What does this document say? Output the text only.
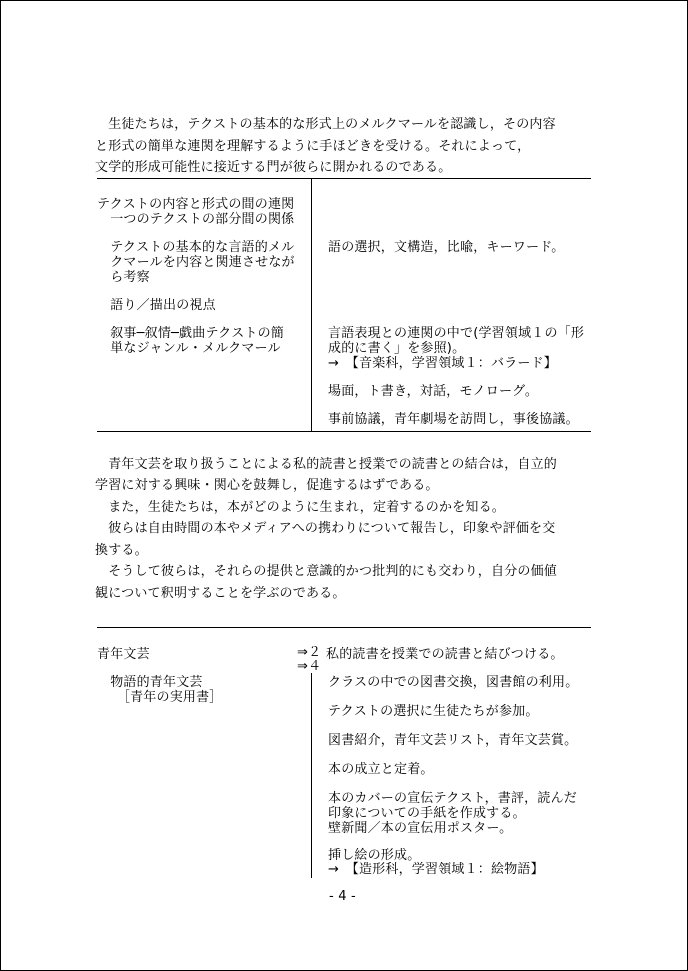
　生徒たちは，テクストの基本的な形式上のメルクマールを認識し，その内容
と形式の簡単な連関を理解するように手ほどきを受ける。それによって，
文学的形成可能性に接近する門が彼らに開かれるのである。
テクストの内容と形式の間の連関
　一つのテクストの部分間の関係
　テクストの基本的な言語的メル
　クマールを内容と関連させなが
　ら考察
　語り／描出の視点
　叙事─叙情─戯曲テクストの簡
　単なジャンル・メルクマール
語の選択，文構造，比喩，キーワード。
言語表現との連関の中で(学習領域１の「形
成的に書く」を参照)。
→　【音楽科，学習領域１：バラード】
場面，ト書き，対話，モノローグ。
事前協議，青年劇場を訪問し，事後協議。
　青年文芸を取り扱うことによる私的読書と授業での読書との結合は，自立的
学習に対する興味・関心を鼓舞し，促進するはずである。
　また，生徒たちは，本がどのように生まれ，定着するのかを知る。
　彼らは自由時間の本やメディアへの携わりについて報告し，印象や評価を交
換する。
　そうして彼らは，それらの提供と意識的かつ批判的にも交わり，自分の価値
観について釈明することを学ぶのである。
青年文芸
　物語的青年文芸
　　［青年の実用書］
⇒２
⇒４
私的読書を授業での読書と結びつける。
クラスの中での図書交換，図書館の利用。
テクストの選択に生徒たちが参加。
図書紹介，青年文芸リスト，青年文芸賞。
本の成立と定着。
本のカバーの宣伝テクスト，書評，読んだ
印象についての手紙を作成する。
壁新聞／本の宣伝用ポスター。
挿し絵の形成。
→　【造形科，学習領域１：絵物語】
- 4 -
